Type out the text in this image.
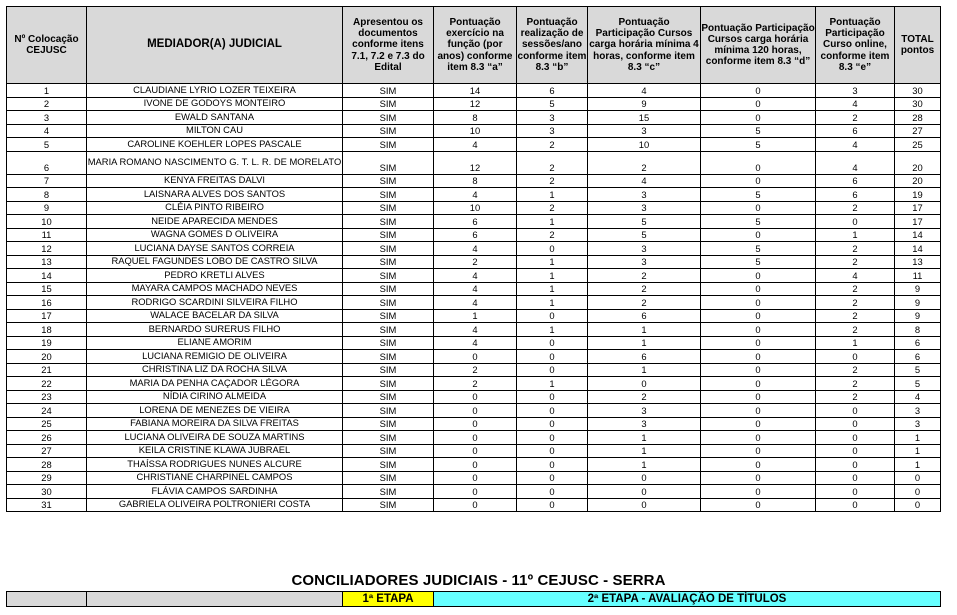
Nº Colocação CEJUSC	MEDIADOR(A) JUDICIAL	Apresentou os documentos conforme itens 7.1, 7.2 e 7.3 do Edital	Pontuação exercício na função (por anos) conforme item 8.3 “a”	Pontuação realização de sessões/ano conforme item 8.3 “b”	Pontuação Participação Cursos carga horária mínima 4 horas, conforme item 8.3 “c”	Pontuação Participação Cursos carga horária mínima 120 horas, conforme item 8.3 “d”	Pontuação Participação Curso online, conforme item 8.3 “e”	TOTAL pontos
1	CLAUDIANE LYRIO LOZER TEIXEIRA	SIM	14	6	4	0	3	30
2	IVONE DE GODOYS MONTEIRO	SIM	12	5	9	0	4	30
3	EWALD SANTANA	SIM	8	3	15	0	2	28
4	MILTON CAU	SIM	10	3	3	5	6	27
5	CAROLINE KOEHLER LOPES PASCALE	SIM	4	2	10	5	4	25
6	MARIA ROMANO NASCIMENTO G. T. L. R. DE MORELATO	SIM	12	2	2	0	4	20
7	KENYA FREITAS DALVI	SIM	8	2	4	0	6	20
8	LAISNARA ALVES DOS SANTOS	SIM	4	1	3	5	6	19
9	CLÉIA PINTO RIBEIRO	SIM	10	2	3	0	2	17
10	NEIDE APARECIDA MENDES	SIM	6	1	5	5	0	17
11	WAGNA GOMES D OLIVEIRA	SIM	6	2	5	0	1	14
12	LUCIANA DAYSE SANTOS CORREIA	SIM	4	0	3	5	2	14
13	RAQUEL FAGUNDES LOBO DE CASTRO SILVA	SIM	2	1	3	5	2	13
14	PEDRO KRETLI ALVES	SIM	4	1	2	0	4	11
15	MAYARA CAMPOS MACHADO NEVES	SIM	4	1	2	0	2	9
16	RODRIGO SCARDINI SILVEIRA FILHO	SIM	4	1	2	0	2	9
17	WALACE BACELAR DA SILVA	SIM	1	0	6	0	2	9
18	BERNARDO SURERUS FILHO	SIM	4	1	1	0	2	8
19	ELIANE AMORIM	SIM	4	0	1	0	1	6
20	LUCIANA REMIGIO DE OLIVEIRA	SIM	0	0	6	0	0	6
21	CHRISTINA LIZ DA ROCHA SILVA	SIM	2	0	1	0	2	5
22	MARIA DA PENHA CAÇADOR LÉGORA	SIM	2	1	0	0	2	5
23	NÍDIA CIRINO ALMEIDA	SIM	0	0	2	0	2	4
24	LORENA DE MENEZES DE VIEIRA	SIM	0	0	3	0	0	3
25	FABIANA MOREIRA DA SILVA FREITAS	SIM	0	0	3	0	0	3
26	LUCIANA OLIVEIRA DE SOUZA MARTINS	SIM	0	0	1	0	0	1
27	KEILA CRISTINE KLAWA JUBRAEL	SIM	0	0	1	0	0	1
28	THAÍSSA RODRIGUES NUNES ALCURE	SIM	0	0	1	0	0	1
29	CHRISTIANE CHARPINEL CAMPOS	SIM	0	0	0	0	0	0
30	FLÁVIA CAMPOS SARDINHA	SIM	0	0	0	0	0	0
31	GABRIELA OLIVEIRA POLTRONIERI COSTA	SIM	0	0	0	0	0	0
CONCILIADORES JUDICIAIS - 11º CEJUSC - SERRA
		1ª ETAPA	2ª ETAPA - AVALIAÇÃO DE TÍTULOS
